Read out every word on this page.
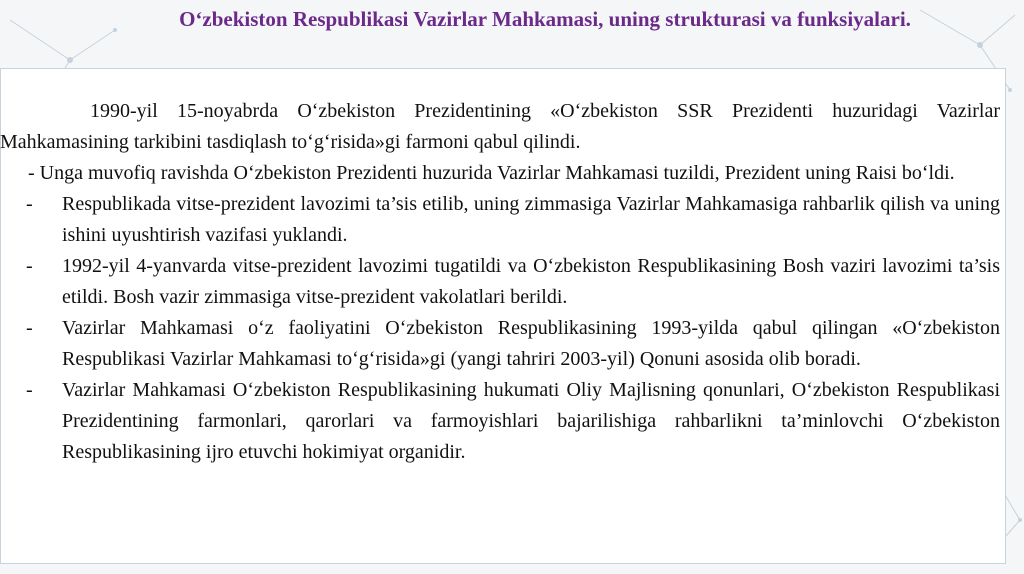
O‘zbekiston Respublikasi Vazirlar Mahkamasi, uning strukturasi va funksiyalari.

1990-yil 15-noyabrda O‘zbekiston Prezidentining «O‘zbekiston SSR Prezidenti huzuridagi Vazirlar Mahkamasining tarkibini tasdiqlash to‘g‘risida»gi farmoni qabul qilindi.

- Unga muvofiq ravishda O‘zbekiston Prezidenti huzurida Vazirlar Mahkamasi tuzildi, Prezident uning Raisi bo‘ldi.

- Respublikada vitse-prezident lavozimi ta’sis etilib, uning zimmasiga Vazirlar Mahkamasiga rahbarlik qilish va uning ishini uyushtirish vazifasi yuklandi.
- 1992-yil 4-yanvarda vitse-prezident lavozimi tugatildi va O‘zbekiston Respublikasining Bosh vaziri lavozimi ta’sis etildi. Bosh vazir zimmasiga vitse-prezident vakolatlari berildi.
- Vazirlar Mahkamasi o‘z faoliyatini O‘zbekiston Respublikasining 1993-yilda qabul qilingan «O‘zbekiston Respublikasi Vazirlar Mahkamasi to‘g‘risida»gi (yangi tahriri 2003-yil) Qonuni asosida olib boradi.
- Vazirlar Mahkamasi O‘zbekiston Respublikasining hukumati Oliy Majlisning qonunlari, O‘zbekiston Respublikasi Prezidentining farmonlari, qarorlari va farmoyishlari bajarilishiga rahbarlikni ta’minlovchi O‘zbekiston Respublikasining ijro etuvchi hokimiyat organidir.
